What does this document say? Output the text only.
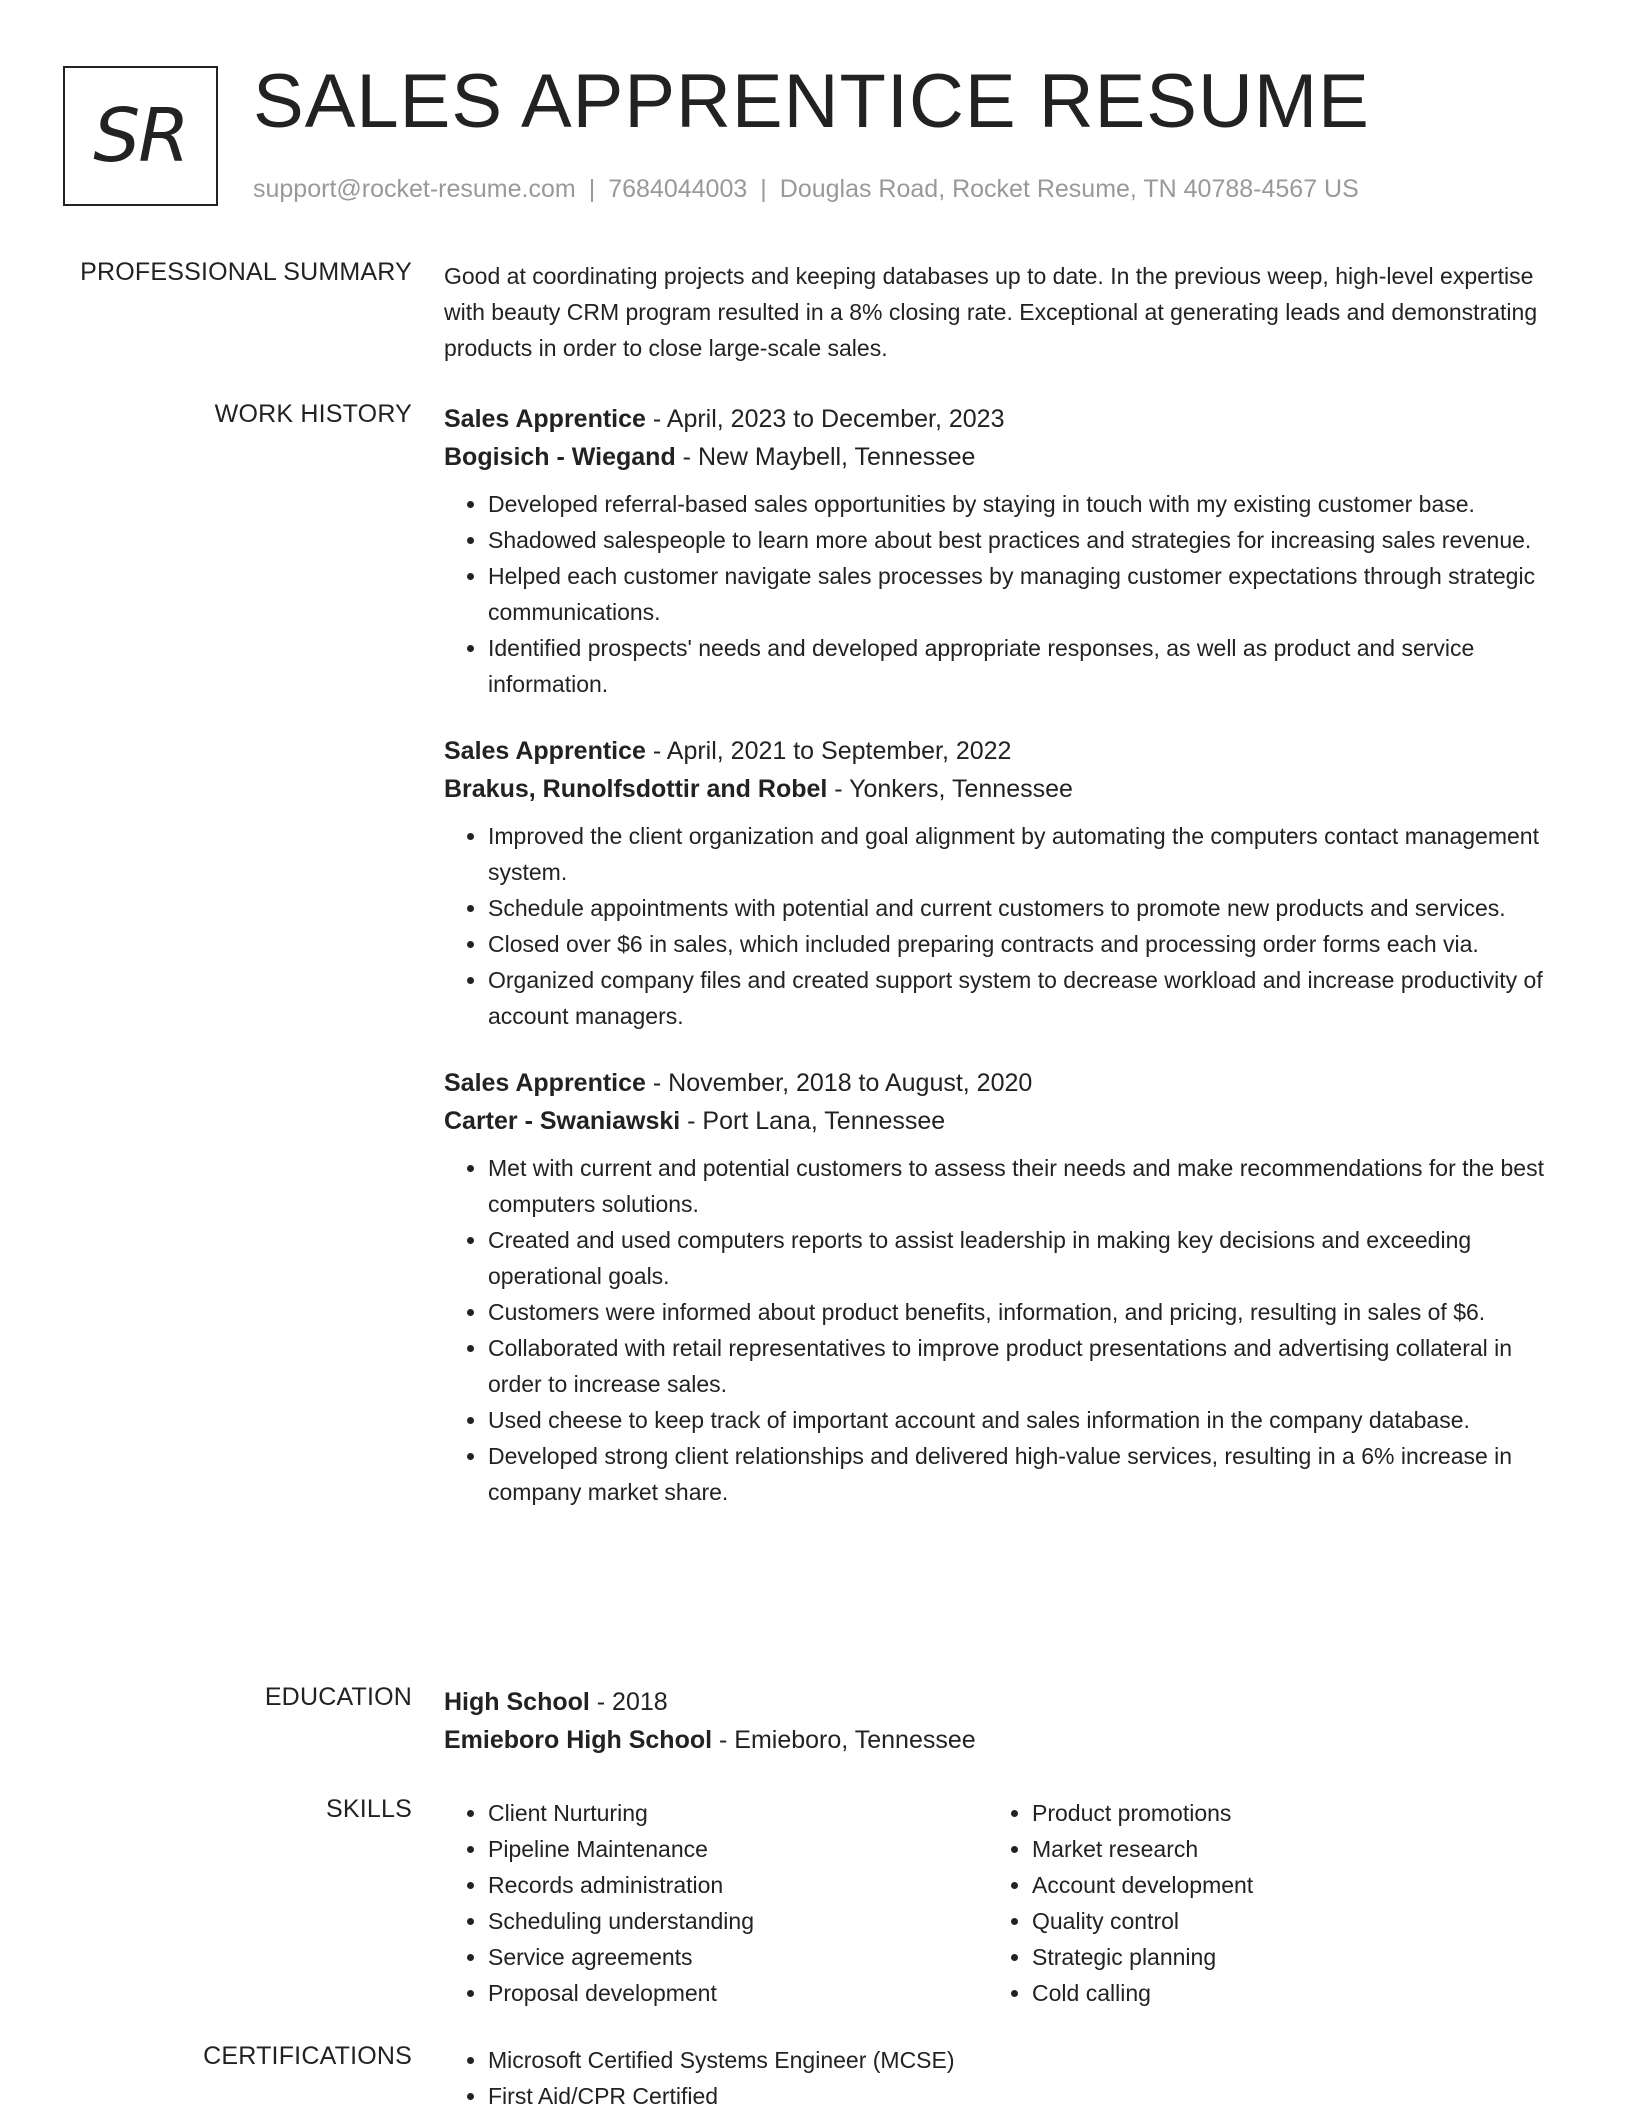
SR SALES APPRENTICE RESUME
support@rocket-resume.com | 7684044003 | Douglas Road, Rocket Resume, TN 40788-4567 US
PROFESSIONAL SUMMARY Good at coordinating projects and keeping databases up to date. In the previous weep, high-level expertise with beauty CRM program resulted in a 8% closing rate. Exceptional at generating leads and demonstrating products in order to close large-scale sales.

WORK HISTORY Sales Apprentice - April, 2023 to December, 2023

Bogisich - Wiegand - New Maybell, Tennessee

• Developed referral-based sales opportunities by staying in touch with my existing customer base.
• Shadowed salespeople to learn more about best practices and strategies for increasing sales revenue.
• Helped each customer navigate sales processes by managing customer expectations through strategic communications.
• Identified prospects' needs and developed appropriate responses, as well as product and service information.

Sales Apprentice - April, 2021 to September, 2022

Brakus, Runolfsdottir and Robel - Yonkers, Tennessee

• Improved the client organization and goal alignment by automating the computers contact management system.
• Schedule appointments with potential and current customers to promote new products and services.
• Closed over $6 in sales, which included preparing contracts and processing order forms each via.
• Organized company files and created support system to decrease workload and increase productivity of account managers.

Sales Apprentice - November, 2018 to August, 2020

Carter - Swaniawski - Port Lana, Tennessee

• Met with current and potential customers to assess their needs and make recommendations for the best computers solutions.
• Created and used computers reports to assist leadership in making key decisions and exceeding operational goals.
• Customers were informed about product benefits, information, and pricing, resulting in sales of $6.
• Collaborated with retail representatives to improve product presentations and advertising collateral in order to increase sales.
• Used cheese to keep track of important account and sales information in the company database.
• Developed strong client relationships and delivered high-value services, resulting in a 6% increase in company market share.
EDUCATION High School - 2018

Emieboro High School - Emieboro, Tennessee

SKILLS	• Client Nurturing
• Pipeline Maintenance
• Records administration
• Scheduling understanding
• Service agreements
• Proposal development
• Product promotions
• Market research
• Account development
• Quality control
• Strategic planning
• Cold calling
CERTIFICATIONS	• Microsoft Certified Systems Engineer (MCSE)
• First Aid/CPR Certified
